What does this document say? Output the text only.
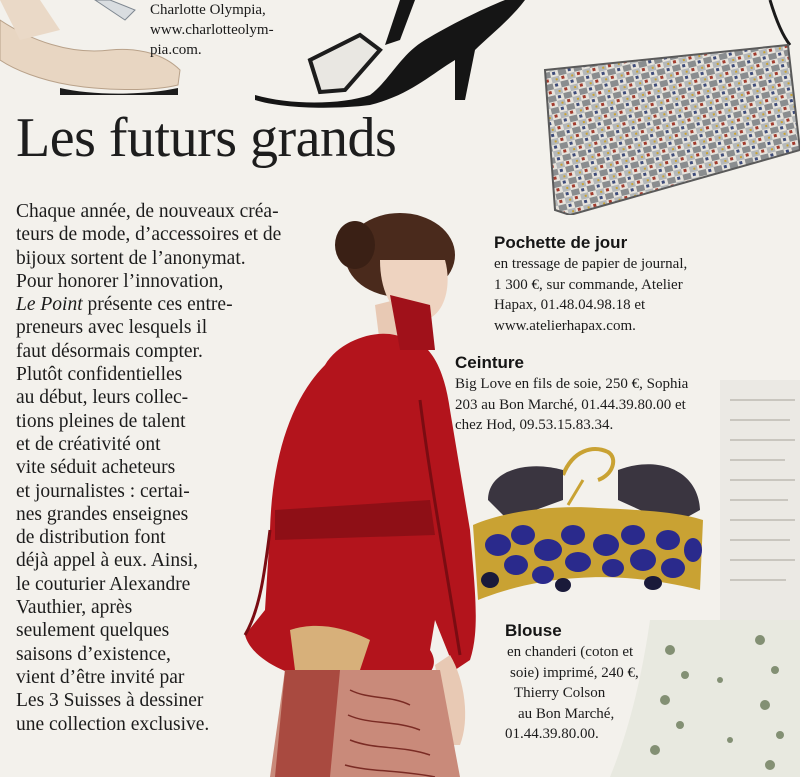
Charlotte Olympia,
www.charlotteolym-
pia.com.
Les futurs grands
Chaque année, de nouveaux créa-
teurs de mode, d’accessoires et de
bijoux sortent de l’anonymat.
Pour honorer l’innovation,
Le Point présente ces entre-
preneurs avec lesquels il
faut désormais compter.
Plutôt confidentielles
au début, leurs collec-
tions pleines de talent
et de créativité ont
vite séduit acheteurs
et journalistes : certai-
nes grandes enseignes
de distribution font
déjà appel à eux. Ainsi,
le couturier Alexandre
Vauthier, après
seulement quelques
saisons d’existence,
vient d’être invité par
Les 3 Suisses à dessiner
une collection exclusive.
Pochette de jour
en tressage de papier de journal,
1 300 €, sur commande, Atelier
Hapax, 01.48.04.98.18 et
www.atelierhapax.com.
Ceinture
Big Love en fils de soie, 250 €, Sophia
203 au Bon Marché, 01.44.39.80.00 et
chez Hod, 09.53.15.83.34.
Blouse
en chanderi (coton et
soie) imprimé, 240 €,
Thierry Colson
au Bon Marché,
01.44.39.80.00.
